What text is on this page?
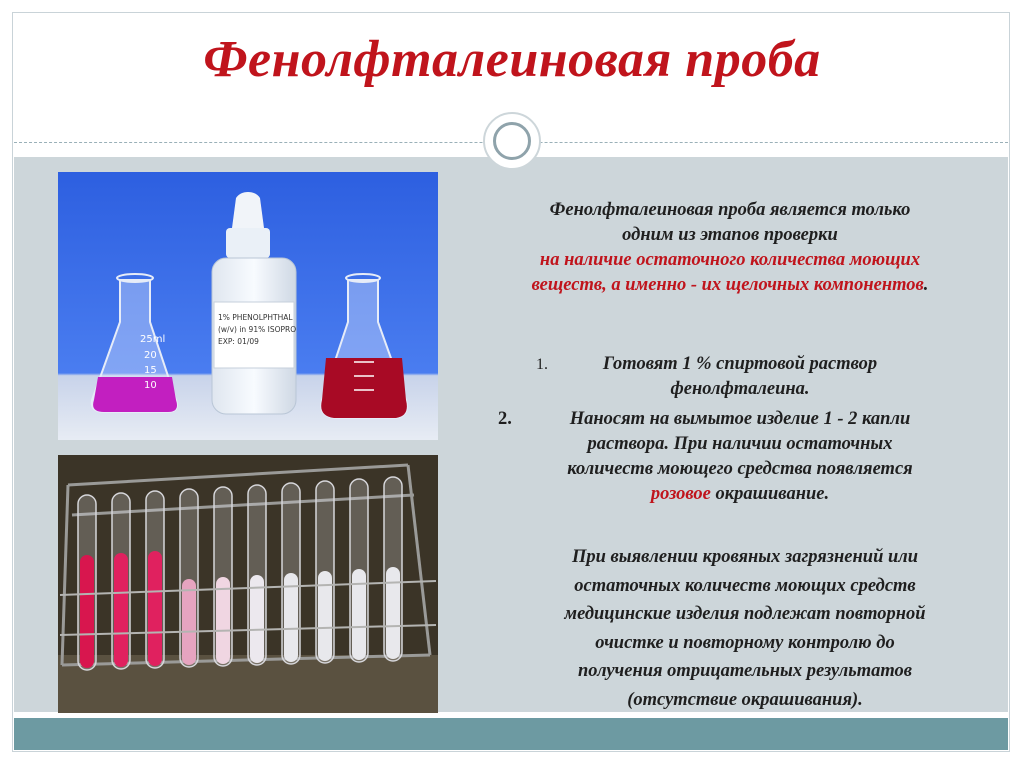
Фенолфталеиновая проба
25ml
20
15
10
1% PHENOLPHTHAL
(w/v) in 91% ISOPRO
EXP: 01/09
Фенолфталеиновая проба является только
одним из этапов проверки
на наличие остаточного количества моющих
веществ, а именно - их щелочных компонентов.
1.	Готовят 1 % спиртовой раствор
фенолфталеина.
2.	Наносят на вымытое изделие 1 - 2 капли
раствора. При наличии остаточных
количеств моющего средства появляется
розовое окрашивание.
При выявлении кровяных загрязнений или
остаточных количеств моющих средств
медицинские изделия подлежат повторной
очистке и повторному контролю до
получения отрицательных результатов
(отсутствие окрашивания).
